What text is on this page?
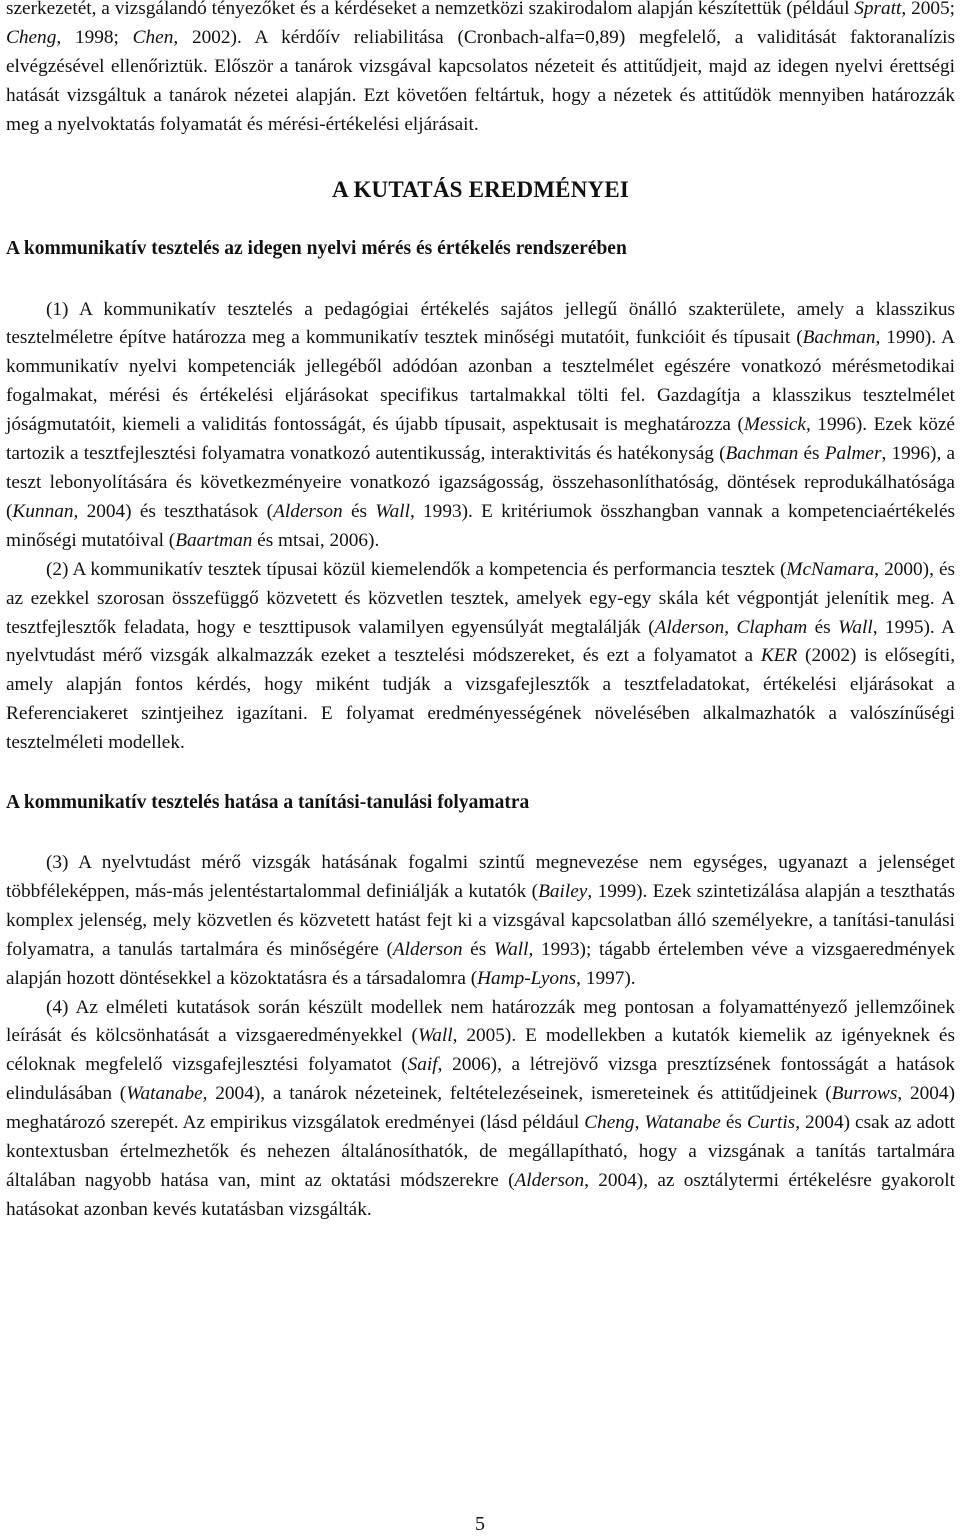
szerkezetét, a vizsgálandó tényezőket és a kérdéseket a nemzetközi szakirodalom alapján készítettük (például Spratt, 2005; Cheng, 1998; Chen, 2002). A kérdőív reliabilitása (Cronbach-alfa=0,89) megfelelő, a validitását faktoranalízis elvégzésével ellenőriztük. Először a tanárok vizsgával kapcsolatos nézeteit és attitűdjeit, majd az idegen nyelvi érettségi hatását vizsgáltuk a tanárok nézetei alapján. Ezt követően feltártuk, hogy a nézetek és attitűdök mennyiben határozzák meg a nyelvoktatás folyamatát és mérési-értékelési eljárásait.

A KUTATÁS EREDMÉNYEI
A kommunikatív tesztelés az idegen nyelvi mérés és értékelés rendszerében

(1) A kommunikatív tesztelés a pedagógiai értékelés sajátos jellegű önálló szakterülete, amely a klasszikus tesztelméletre építve határozza meg a kommunikatív tesztek minőségi mutatóit, funkcióit és típusait (Bachman, 1990). A kommunikatív nyelvi kompetenciák jellegéből adódóan azonban a tesztelmélet egészére vonatkozó mérésmetodikai fogalmakat, mérési és értékelési eljárásokat specifikus tartalmakkal tölti fel. Gazdagítja a klasszikus tesztelmélet jóságmutatóit, kiemeli a validitás fontosságát, és újabb típusait, aspektusait is meghatározza (Messick, 1996). Ezek közé tartozik a tesztfejlesztési folyamatra vonatkozó autentikusság, interaktivitás és hatékonyság (Bachman és Palmer, 1996), a teszt lebonyolítására és következményeire vonatkozó igazságosság, összehasonlíthatóság, döntések reprodukálhatósága (Kunnan, 2004) és teszthatások (Alderson és Wall, 1993). E kritériumok összhangban vannak a kompetenciaértékelés minőségi mutatóival (Baartman és mtsai, 2006).

(2) A kommunikatív tesztek típusai közül kiemelendők a kompetencia és performancia tesztek (McNamara, 2000), és az ezekkel szorosan összefüggő közvetett és közvetlen tesztek, amelyek egy-egy skála két végpontját jelenítik meg. A tesztfejlesztők feladata, hogy e teszttipusok valamilyen egyensúlyát megtalálják (Alderson, Clapham és Wall, 1995). A nyelvtudást mérő vizsgák alkalmazzák ezeket a tesztelési módszereket, és ezt a folyamatot a KER (2002) is elősegíti, amely alapján fontos kérdés, hogy miként tudják a vizsgafejlesztők a tesztfeladatokat, értékelési eljárásokat a Referenciakeret szintjeihez igazítani. E folyamat eredményességének növelésében alkalmazhatók a valószínűségi tesztelméleti modellek.

A kommunikatív tesztelés hatása a tanítási-tanulási folyamatra

(3) A nyelvtudást mérő vizsgák hatásának fogalmi szintű megnevezése nem egységes, ugyanazt a jelenséget többféleképpen, más-más jelentéstartalommal definiálják a kutatók (Bailey, 1999). Ezek szintetizálása alapján a teszthatás komplex jelenség, mely közvetlen és közvetett hatást fejt ki a vizsgával kapcsolatban álló személyekre, a tanítási-tanulási folyamatra, a tanulás tartalmára és minőségére (Alderson és Wall, 1993); tágabb értelemben véve a vizsgaeredmények alapján hozott döntésekkel a közoktatásra és a társadalomra (Hamp-Lyons, 1997).

(4) Az elméleti kutatások során készült modellek nem határozzák meg pontosan a folyamattényező jellemzőinek leírását és kölcsönhatását a vizsgaeredményekkel (Wall, 2005). E modellekben a kutatók kiemelik az igényeknek és céloknak megfelelő vizsgafejlesztési folyamatot (Saif, 2006), a létrejövő vizsga presztízsének fontosságát a hatások elindulásában (Watanabe, 2004), a tanárok nézeteinek, feltételezéseinek, ismereteinek és attitűdjeinek (Burrows, 2004) meghatározó szerepét. Az empirikus vizsgálatok eredményei (lásd például Cheng, Watanabe és Curtis, 2004) csak az adott kontextusban értelmezhetők és nehezen általánosíthatók, de megállapítható, hogy a vizsgának a tanítás tartalmára általában nagyobb hatása van, mint az oktatási módszerekre (Alderson, 2004), az osztálytermi értékelésre gyakorolt hatásokat azonban kevés kutatásban vizsgálták.

5
